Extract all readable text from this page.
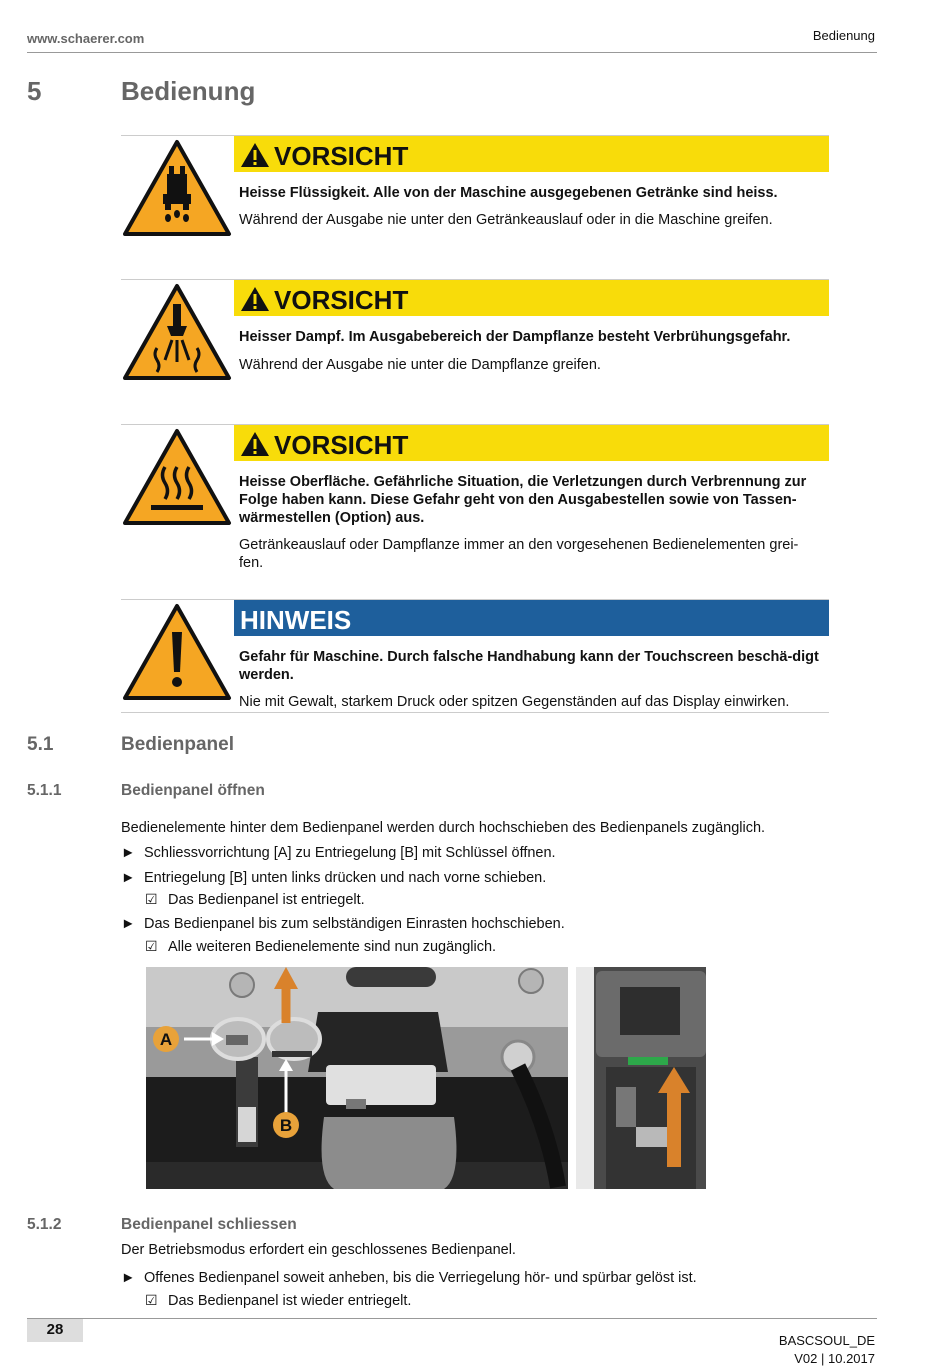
www.schaerer.com	Bedienung
5	Bedienung
VORSICHT
Heisse Flüssigkeit. Alle von der Maschine ausgegebenen Getränke sind heiss.
Während der Ausgabe nie unter den Getränkeauslauf oder in die Maschine greifen.
VORSICHT
Heisser Dampf. Im Ausgabebereich der Dampflanze besteht Verbrühungsgefahr.
Während der Ausgabe nie unter die Dampflanze greifen.
VORSICHT
Heisse Oberfläche. Gefährliche Situation, die Verletzungen durch Verbrennung zur Folge haben kann. Diese Gefahr geht von den Ausgabestellen sowie von Tassen-wärmestellen (Option) aus.
Getränkeauslauf oder Dampflanze immer an den vorgesehenen Bedienelementen grei-fen.
HINWEIS
Gefahr für Maschine. Durch falsche Handhabung kann der Touchscreen beschä-digt werden.
Nie mit Gewalt, starkem Druck oder spitzen Gegenständen auf das Display einwirken.
5.1	Bedienpanel
5.1.1	Bedienpanel öffnen
Bedienelemente hinter dem Bedienpanel werden durch hochschieben des Bedienpanels zugänglich.
► Schliessvorrichtung [A] zu Entriegelung [B] mit Schlüssel öffnen.
► Entriegelung [B] unten links drücken und nach vorne schieben.
☑ Das Bedienpanel ist entriegelt.
► Das Bedienpanel bis zum selbständigen Einrasten hochschieben.
☑ Alle weiteren Bedienelemente sind nun zugänglich.
A
B
5.1.2	Bedienpanel schliessen
Der Betriebsmodus erfordert ein geschlossenes Bedienpanel.
► Offenes Bedienpanel soweit anheben, bis die Verriegelung hör- und spürbar gelöst ist.
☑ Das Bedienpanel ist wieder entriegelt.
28
BASCSOUL_DE
V02 | 10.2017
